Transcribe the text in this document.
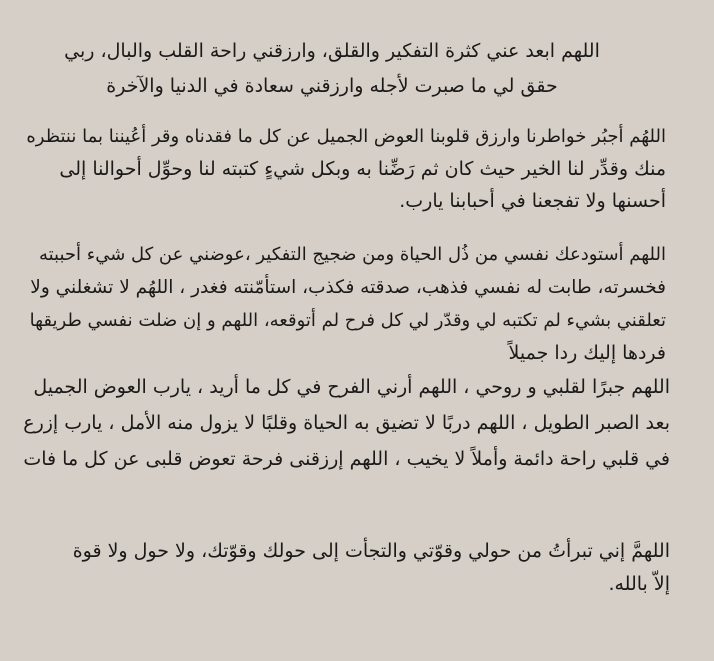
اللهم ابعد عني كثرة التفكير والقلق، وارزقني راحة القلب والبال، ربي
حقق لي ما صبرت لأجله وارزقني سعادة في الدنيا والآخرة
اللهُم أجبُر خواطرنا وارزق قلوبنا العوض الجميل عن كل ما فقدناه وقر أعُيننا بما ننتظره
منك وقدِّر لنا الخير حيث كان ثم رَضِّنا به وبكل شيءٍ كتبته لنا وحوِّل أحوالنا إلى
أحسنها ولا تفجعنا في أحبابنا يارب.
اللهم أستودعك نفسي من ذُل الحياة ومن ضجيج التفكير ،عوضني عن كل شيء أحببته
فخسرته، طابت له نفسي فذهب، صدقته فكذب، استأمّنته فغدر ، اللهُم لا تشغلني ولا
تعلقني بشيء لم تكتبه لي وقدّر لي كل فرح لم أتوقعه، اللهم و إن ضلت نفسي طريقها
فردها إليك ردا جميلاً
اللهم جبرًا لقلبي و روحي ، اللهم أرني الفرح في كل ما أريد ، يارب العوض الجميل
بعد الصبر الطويل ، اللهم دربًا لا تضيق به الحياة وقلبًا لا يزول منه الأمل ، يارب إزرع
في قلبي راحة دائمة وأملاً لا يخيب ، اللهم إرزقنى فرحة تعوض قلبى عن كل ما فات
اللهمَّ إني تبرأتُ من حولي وقوّتي والتجأت إلى حولك وقوّتك، ولا حول ولا قوة
إلاّ بالله.
